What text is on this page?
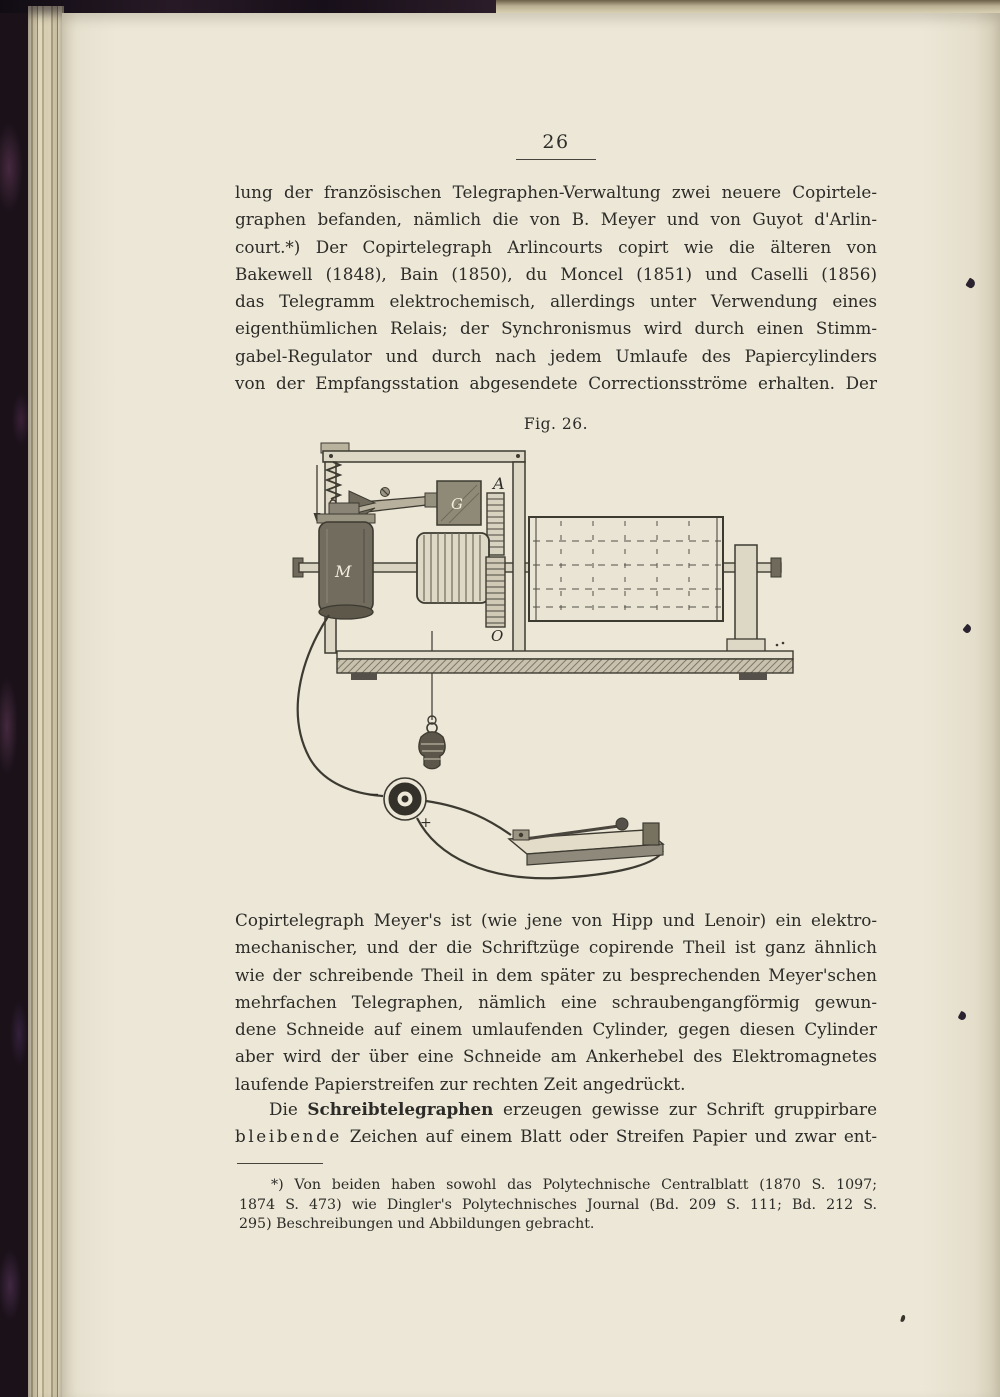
26
lung der französischen Telegraphen-Verwaltung zwei neuere Copirtele-
graphen befanden, nämlich die von B. Meyer und von Guyot d'Arlin-
court.*) Der Copirtelegraph Arlincourts copirt wie die älteren von
Bakewell (1848), Bain (1850), du Moncel (1851) und Caselli (1856)
das Telegramm elektrochemisch, allerdings unter Verwendung eines
eigenthümlichen Relais; der Synchronismus wird durch einen Stimm-
gabel-Regulator und durch nach jedem Umlaufe des Papiercylinders
von der Empfangsstation abgesendete Correctionsströme erhalten. Der
Fig. 26.
G
A
O
M
−
+
Copirtelegraph Meyer's ist (wie jene von Hipp und Lenoir) ein elektro-
mechanischer, und der die Schriftzüge copirende Theil ist ganz ähnlich
wie der schreibende Theil in dem später zu besprechenden Meyer'schen
mehrfachen Telegraphen, nämlich eine schraubengangförmig gewun-
dene Schneide auf einem umlaufenden Cylinder, gegen diesen Cylinder
aber wird der über eine Schneide am Ankerhebel des Elektromagnetes
laufende Papierstreifen zur rechten Zeit angedrückt.
Die Schreibtelegraphen erzeugen gewisse zur Schrift gruppirbare
bleibende Zeichen auf einem Blatt oder Streifen Papier und zwar ent-
*) Von beiden haben sowohl das Polytechnische Centralblatt (1870 S. 1097;
1874 S. 473) wie Dingler's Polytechnisches Journal (Bd. 209 S. 111; Bd. 212 S.
295) Beschreibungen und Abbildungen gebracht.
